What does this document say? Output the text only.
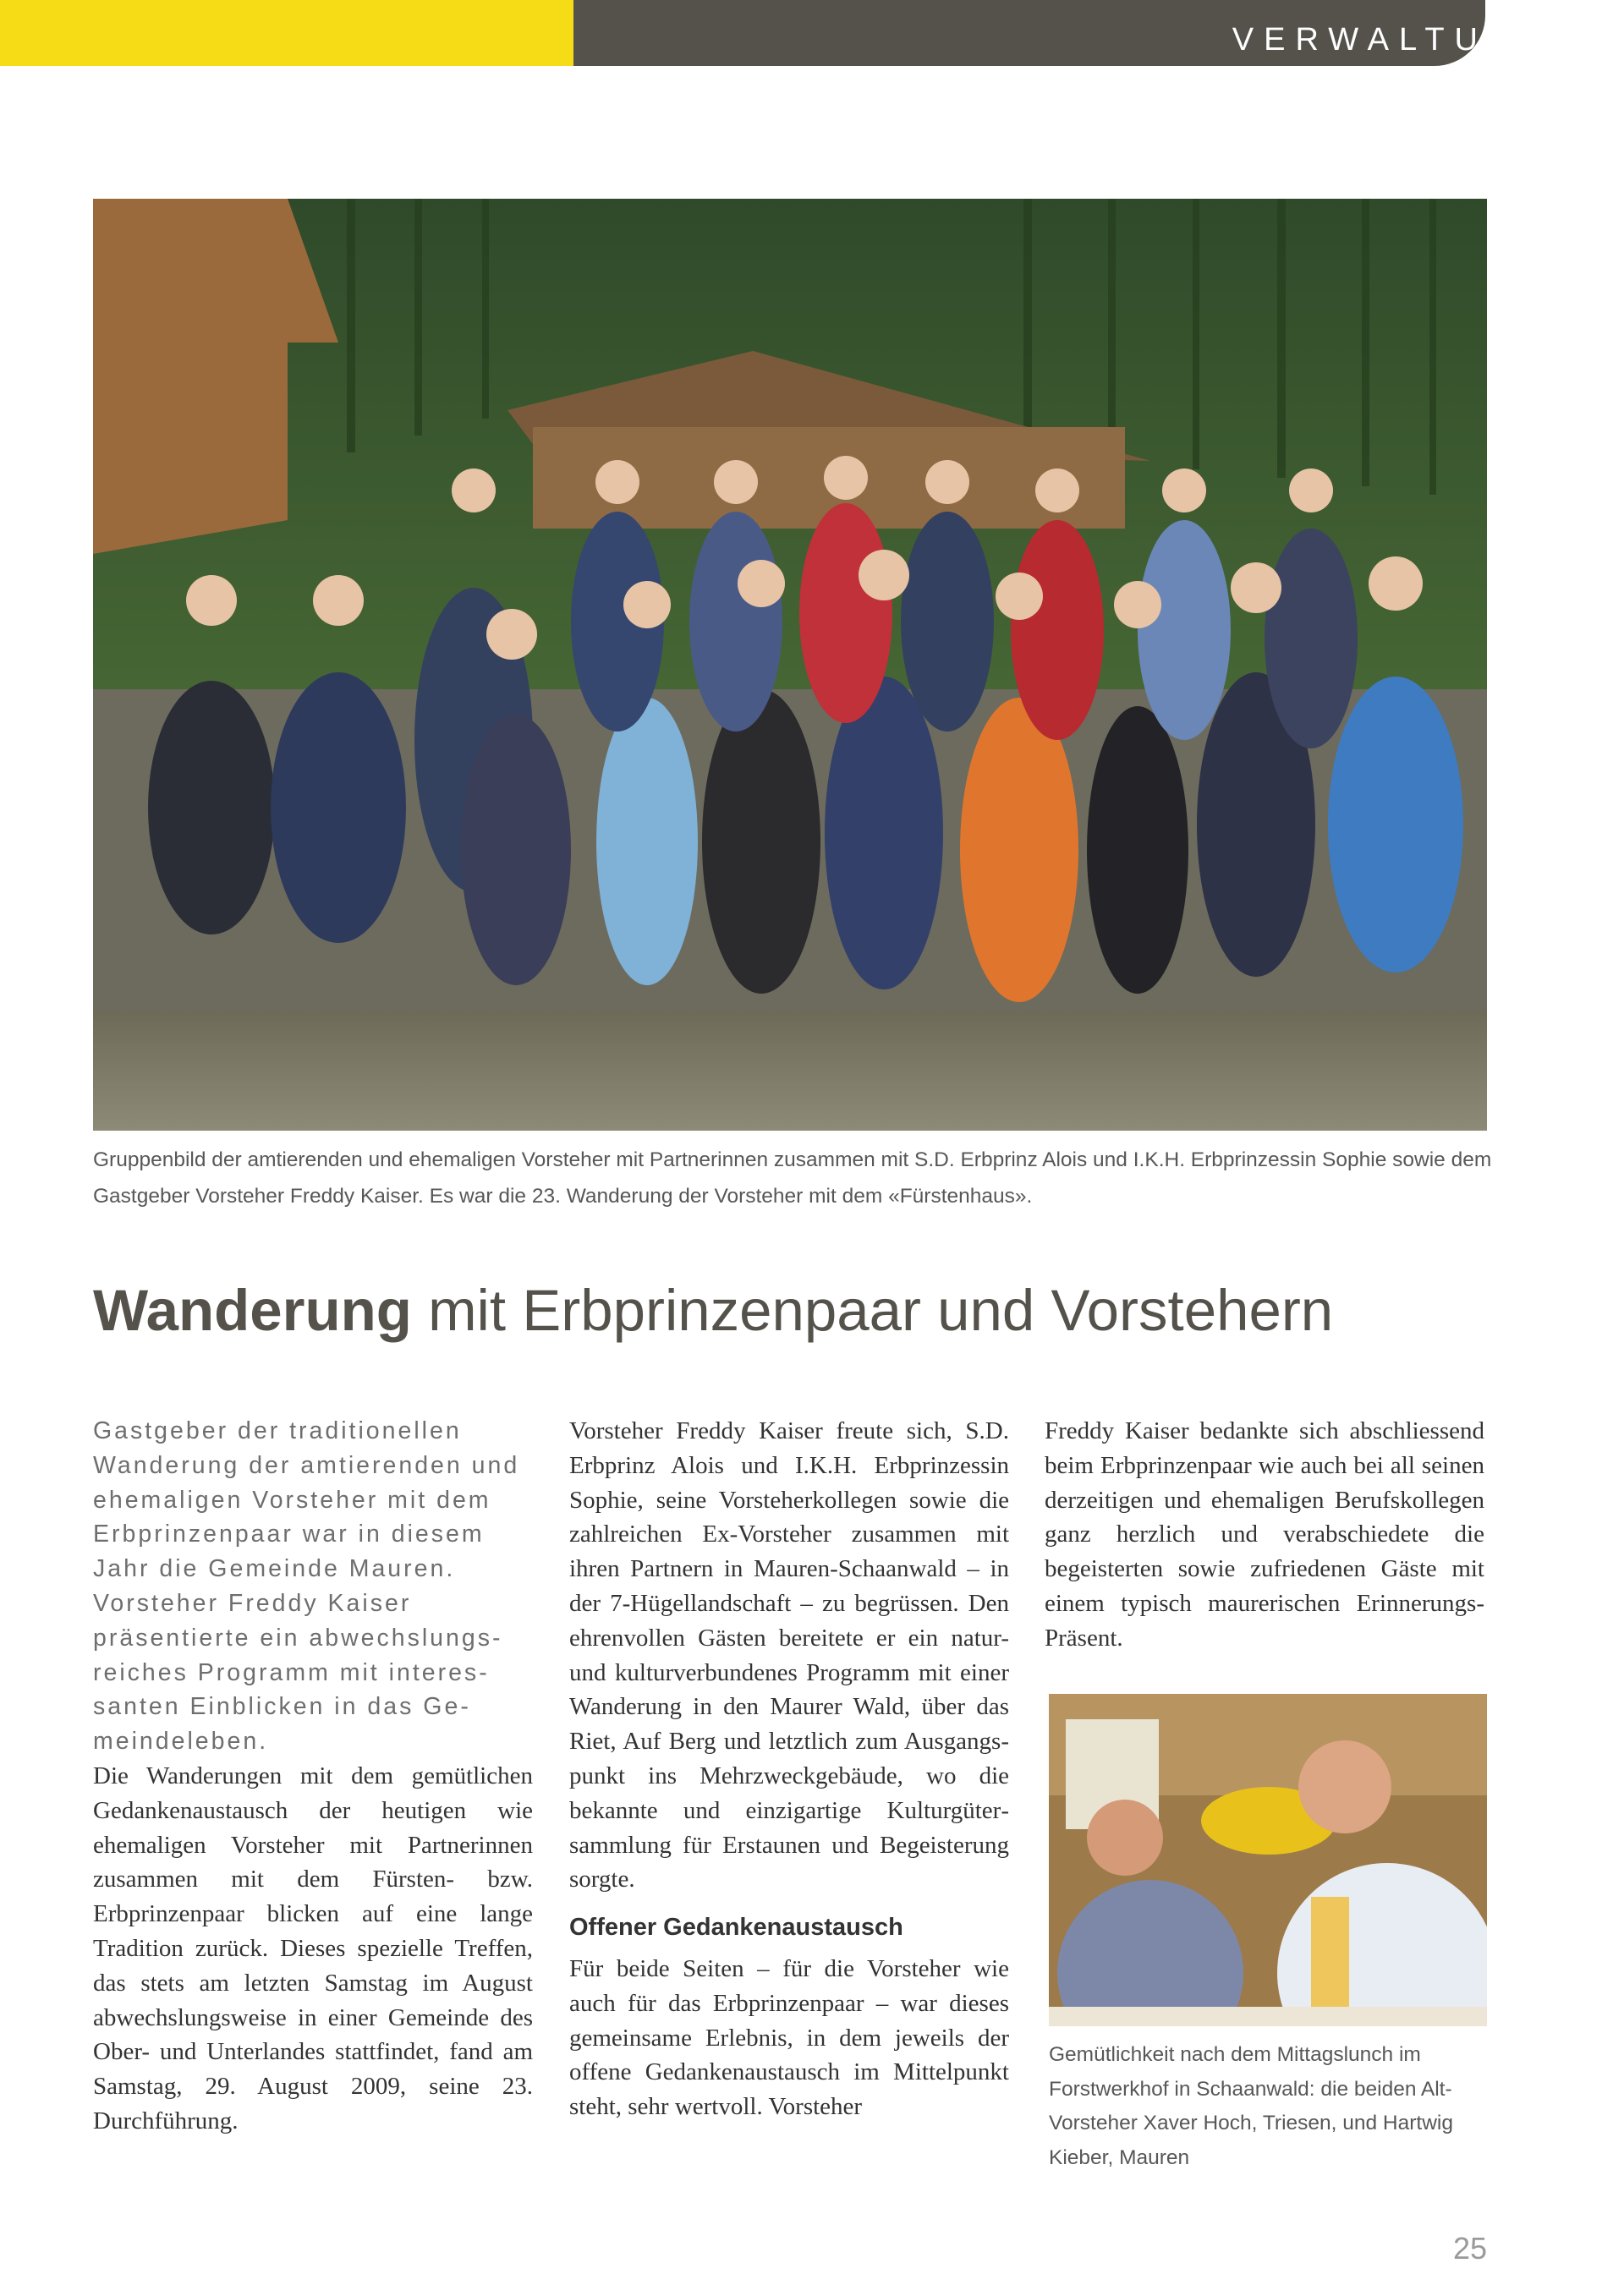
VERWALTUNG
Gruppenbild der amtierenden und ehemaligen Vorsteher mit Partnerinnen zusammen mit S.D. Erbprinz Alois und I.K.H. Erbprinzessin Sophie sowie dem Gastgeber Vorsteher Freddy Kaiser. Es war die 23. Wanderung der Vorsteher mit dem «Fürstenhaus».
Wanderung mit Erbprinzenpaar und Vorstehern

Gastgeber der traditionellen Wanderung der amtierenden und ehemaligen Vorsteher mit dem Erbprinzenpaar war in diesem Jahr die Gemeinde Mauren. Vorsteher Freddy Kaiser präsentierte ein abwechslungsreiches Programm mit interessanten Einblicken in das Gemeindeleben.

Die Wanderungen mit dem gemütlichen Gedankenaustausch der heutigen wie ehemaligen Vorsteher mit Partnerinnen zusammen mit dem Fürsten- bzw. Erbprinzenpaar blicken auf eine lange Tradition zurück. Dieses spezielle Treffen, das stets am letzten Samstag im August abwechslungsweise in einer Gemeinde des Ober- und Unterlandes stattfindet, fand am Samstag, 29. August 2009, seine 23. Durchführung.

Vorsteher Freddy Kaiser freute sich, S.D. Erbprinz Alois und I.K.H. Erbprinzessin Sophie, seine Vorsteherkollegen sowie die zahlreichen Ex-Vorsteher zusammen mit ihren Partnern in Mauren-Schaanwald – in der 7-Hügellandschaft – zu begrüssen. Den ehrenvollen Gästen bereitete er ein natur- und kulturverbundenes Programm mit einer Wanderung in den Maurer Wald, über das Riet, Auf Berg und letztlich zum Ausgangspunkt ins Mehrzweckgebäude, wo die bekannte und einzigartige Kulturgütersammlung für Erstaunen und Begeisterung sorgte.

Offener Gedankenaustausch

Für beide Seiten – für die Vorsteher wie auch für das Erbprinzenpaar – war dieses gemeinsame Erlebnis, in dem jeweils der offene Gedankenaustausch im Mittelpunkt steht, sehr wertvoll. Vorsteher

Freddy Kaiser bedankte sich abschliessend beim Erbprinzenpaar wie auch bei all seinen derzeitigen und ehemaligen Berufskollegen ganz herzlich und verabschiedete die begeisterten sowie zufriedenen Gäste mit einem typisch maurerischen Erinnerungs-Präsent.

Gemütlichkeit nach dem Mittagslunch im Forstwerkhof in Schaanwald: die beiden Alt-Vorsteher Xaver Hoch, Triesen, und Hartwig Kieber, Mauren
25
